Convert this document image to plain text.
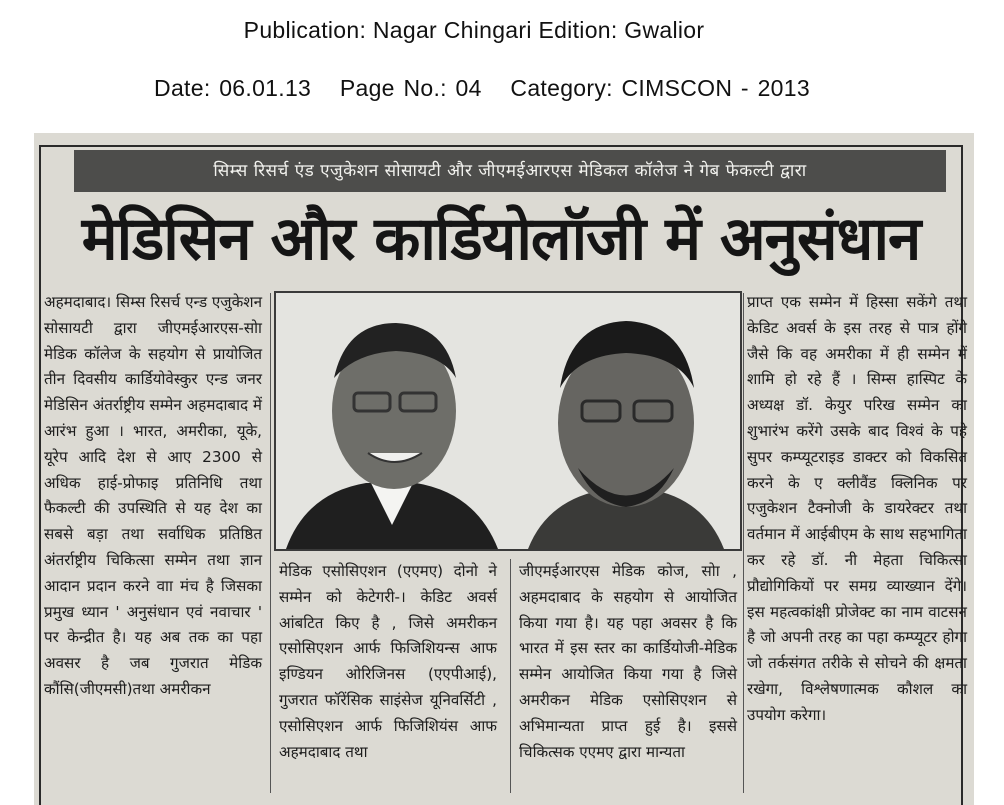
Publication: Nagar Chingari Edition: Gwalior
Date: 06.01.13 Page No.: 04 Category: CIMSCON - 2013
सिम्स रिसर्च एंड एजुकेशन सोसायटी और जीएमईआरएस मेडिकल कॉलेज ने गेब फेकल्टी द्वारा
मेडिसिन और कार्डियोलॉजी में अनुसंधान

अहमदाबाद। सिम्स रिसर्च एन्ड एजुकेशन सोसायटी द्वारा जीएमईआरएस-सोा मेडिक कॉलेज के सहयोग से प्रायोजित तीन दिवसीय कार्डियोवेस्कुर एन्ड जनर मेडिसिन अंतर्राष्ट्रीय सम्मेन अहमदाबाद में आरंभ हुआ । भारत, अमरीका, यूके, यूरेप आदि देश से आए 2300 से अधिक हाई-प्रोफाइ प्रतिनिधि तथा फैकल्टी की उपस्थिति से यह देश का सबसे बड़ा तथा सर्वाधिक प्रतिष्ठित अंतर्राष्ट्रीय चिकित्सा सम्मेन तथा ज्ञान आदान प्रदान करने वाा मंच है जिसका प्रमुख ध्यान ' अनुसंधान एवं नवाचार ' पर केन्द्रीत है। यह अब तक का पहा अवसर है जब गुजरात मेडिक कौंसि(जीएमसी)तथा अमरीकन

मेडिक एसोसिएशन (एएमए) दोनो ने सम्मेन को केटेगरी-। केडिट अवर्स आंबटित किए है , जिसे अमरीकन एसोसिएशन आर्फ फिजिशियन्स आफ इण्डियन ओरिजिनस (एएपीआई), गुजरात फॉरेंसिक साइंसेज यूनिवर्सिटी , एसोसिएशन आर्फ फिजिशियंस आफ अहमदाबाद तथा

जीएमईआरएस मेडिक कोज, सोा , अहमदाबाद के सहयोग से आयोजित किया गया है। यह पहा अवसर है कि भारत में इस स्तर का कार्डियोजी-मेडिक सम्मेन आयोजित किया गया है जिसे अमरीकन मेडिक एसोसिएशन से अभिमान्यता प्राप्त हुई है। इससे चिकित्सक एएमए द्वारा मान्यता

प्राप्त एक सम्मेन में हिस्सा सकेंगे तथा केडिट अवर्स के इस तरह से पात्र होंगे जैसे कि वह अमरीका में ही सम्मेन में शामि हो रहे हैं । सिम्स हास्पिट के अध्यक्ष डॉ. केयुर परिख सम्मेन का शुभारंभ करेंगे उसके बाद विश्वं के पहे सुपर कम्प्यूटराइड डाक्टर को विकसित करने के ए क्लीवैंड क्लिनिक पर एजुकेशन टैक्नोजी के डायरेक्टर तथा वर्तमान में आईबीएम के साथ सहभागिता कर रहे डॉ. नी मेहता चिकित्सा प्रौद्योगिकियों पर समग्र व्याख्यान देंगे। इस महत्वकांक्षी प्रोजेक्ट का नाम वाटसन है जो अपनी तरह का पहा कम्प्यूटर होगा जो तर्कसंगत तरीके से सोचने की क्षमता रखेगा, विश्लेषणात्मक कौशल का उपयोग करेगा।
